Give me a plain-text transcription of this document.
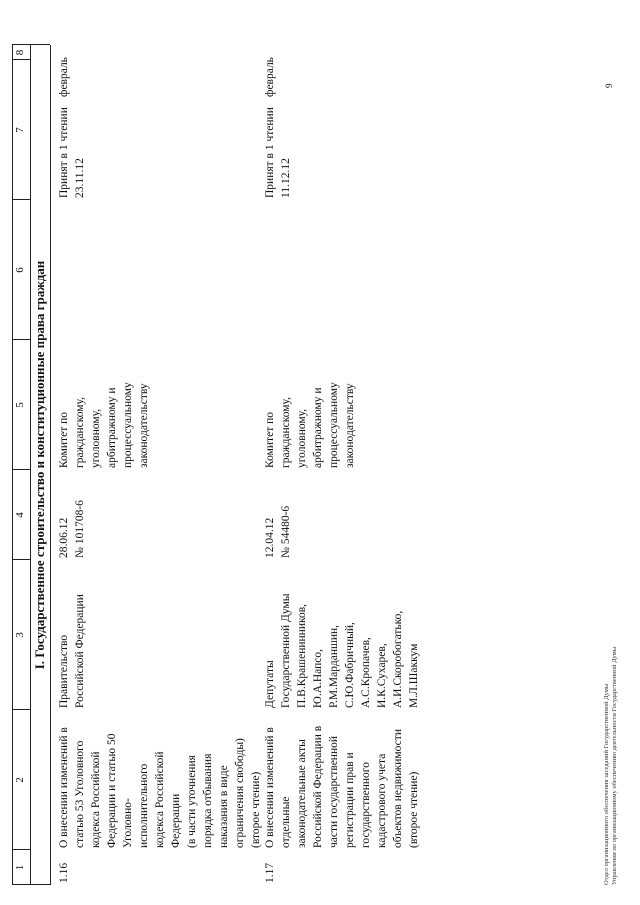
1
2
3
4
5
6
7
8
I. Государственное строительство и конституционные права граждан
1.16
О внесении изменений в
статью 53 Уголовного
кодекса Российской
Федерации и статью 50
Уголовно-
исполнительного
кодекса Российской
Федерации
(в части уточнения
порядка отбывания
наказания в виде
ограничения свободы)
(второе чтение)
Правительство
Российской Федерации
28.06.12
№ 101708-6
Комитет по
гражданскому,
уголовному,
арбитражному и
процессуальному
законодательству
Принят в 1 чтении
23.11.12
февраль
1.17
О внесении изменений в
отдельные
законодательные акты
Российской Федерации в
части государственной
регистрации прав и
государственного
кадастрового учета
объектов недвижимости
(второе чтение)
Депутаты
Государственной Думы
П.В.Крашенинников,
Ю.А.Напсо,
Р.М.Марданшин,
С.Ю.Фабричный,
А.С.Кропачев,
И.К.Сухарев,
А.И.Скоробогатько,
М.Л.Шаккум
12.04.12
№ 54480-6
Комитет по
гражданскому,
уголовному,
арбитражному и
процессуальному
законодательству
Принят в 1 чтении
11.12.12
февраль
Отдел организационного обеспечения заседаний Государственной Думы
Управления по организационному обеспечению деятельности Государственной Думы
9
